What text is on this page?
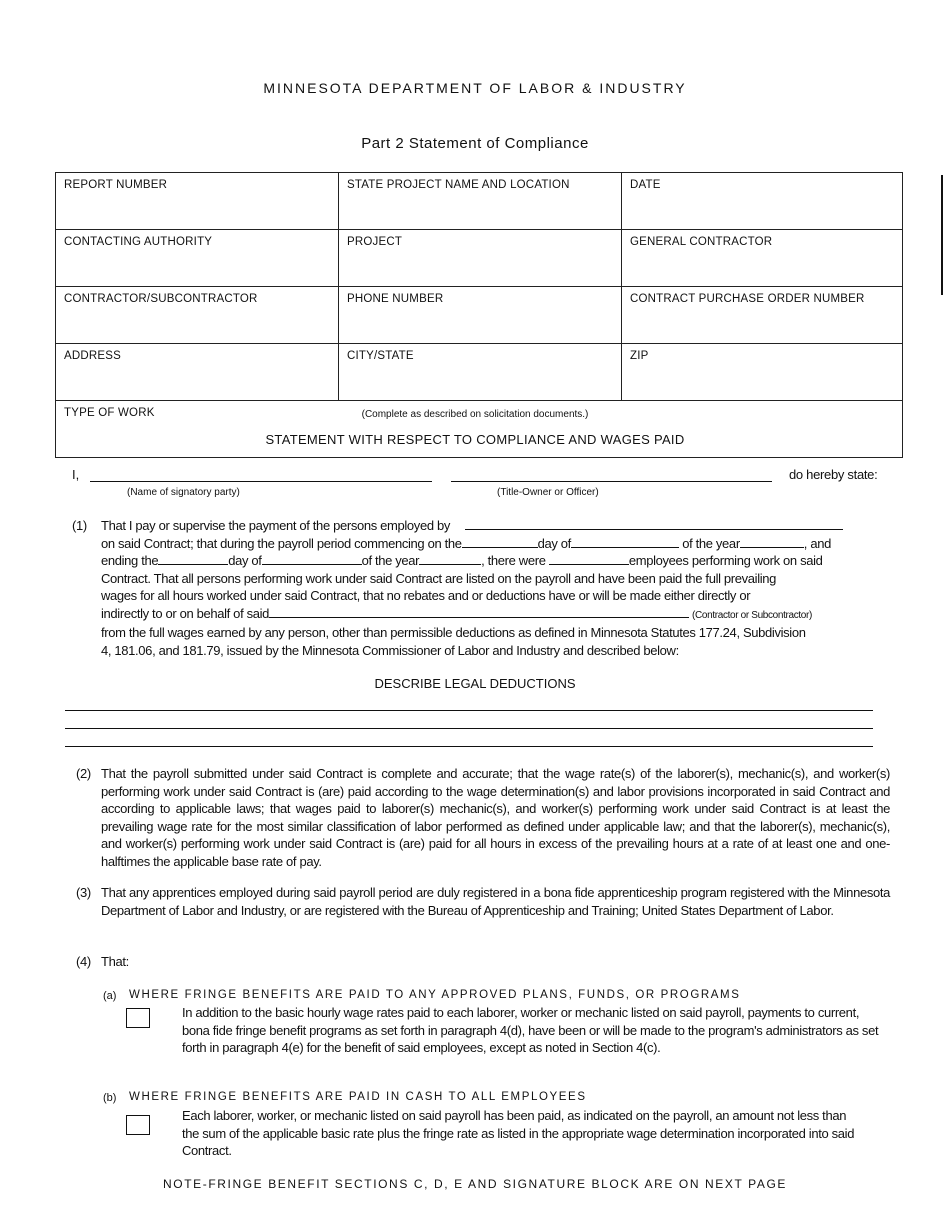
MINNESOTA DEPARTMENT OF LABOR & INDUSTRY
Part 2 Statement of Compliance
REPORT NUMBER	STATE PROJECT NAME AND LOCATION	DATE
CONTACTING AUTHORITY	PROJECT	GENERAL CONTRACTOR
CONTRACTOR/SUBCONTRACTOR	PHONE NUMBER	CONTRACT PURCHASE ORDER NUMBER
ADDRESS	CITY/STATE	ZIP
TYPE OF WORK			(Complete as described on solicitation documents.)
STATEMENT WITH RESPECT TO COMPLIANCE AND WAGES PAID
I,	do hereby state:
(Name of signatory party)	(Title-Owner or Officer)
(1) That I pay or supervise the payment of the persons employed by
on said Contract; that during the payroll period commencing on the	day of	of the year	, and
ending the	day of	of the year	, there were	employees performing work on said
Contract. That all persons performing work under said Contract are listed on the payroll and have been paid the full prevailing
wages for all hours worked under said Contract, that no rebates and or deductions have or will be made either directly or
indirectly to or on behalf of said	(Contractor or Subcontractor)
from the full wages earned by any person, other than permissible deductions as defined in Minnesota Statutes 177.24, Subdivision
4, 181.06, and 181.79, issued by the Minnesota Commissioner of Labor and Industry and described below:
DESCRIBE LEGAL DEDUCTIONS
(2) That the payroll submitted under said Contract is complete and accurate; that the wage rate(s) of the laborer(s), mechanic(s), and worker(s) performing work under said Contract is (are) paid according to the wage determination(s) and labor provisions incorporated in said Contract and according to applicable laws; that wages paid to laborer(s) mechanic(s), and worker(s) performing work under said Contract is at least the prevailing wage rate for the most similar classification of labor performed as defined under applicable law; and that the laborer(s), mechanic(s), and worker(s) performing work under said Contract is (are) paid for all hours in excess of the prevailing hours at a rate of at least one and one-halftimes the applicable base rate of pay.
(3) That any apprentices employed during said payroll period are duly registered in a bona fide apprenticeship program registered with the Minnesota Department of Labor and Industry, or are registered with the Bureau of Apprenticeship and Training; United States Department of Labor.
(4) That:
(a) WHERE FRINGE BENEFITS ARE PAID TO ANY APPROVED PLANS, FUNDS, OR PROGRAMS
In addition to the basic hourly wage rates paid to each laborer, worker or mechanic listed on said payroll, payments to current, bona fide fringe benefit programs as set forth in paragraph 4(d), have been or will be made to the program's administrators as set forth in paragraph 4(e) for the benefit of said employees, except as noted in Section 4(c).
(b) WHERE FRINGE BENEFITS ARE PAID IN CASH TO ALL EMPLOYEES
Each laborer, worker, or mechanic listed on said payroll has been paid, as indicated on the payroll, an amount not less than the sum of the applicable basic rate plus the fringe rate as listed in the appropriate wage determination incorporated into said Contract.
NOTE-FRINGE BENEFIT SECTIONS C, D, E AND SIGNATURE BLOCK ARE ON NEXT PAGE
